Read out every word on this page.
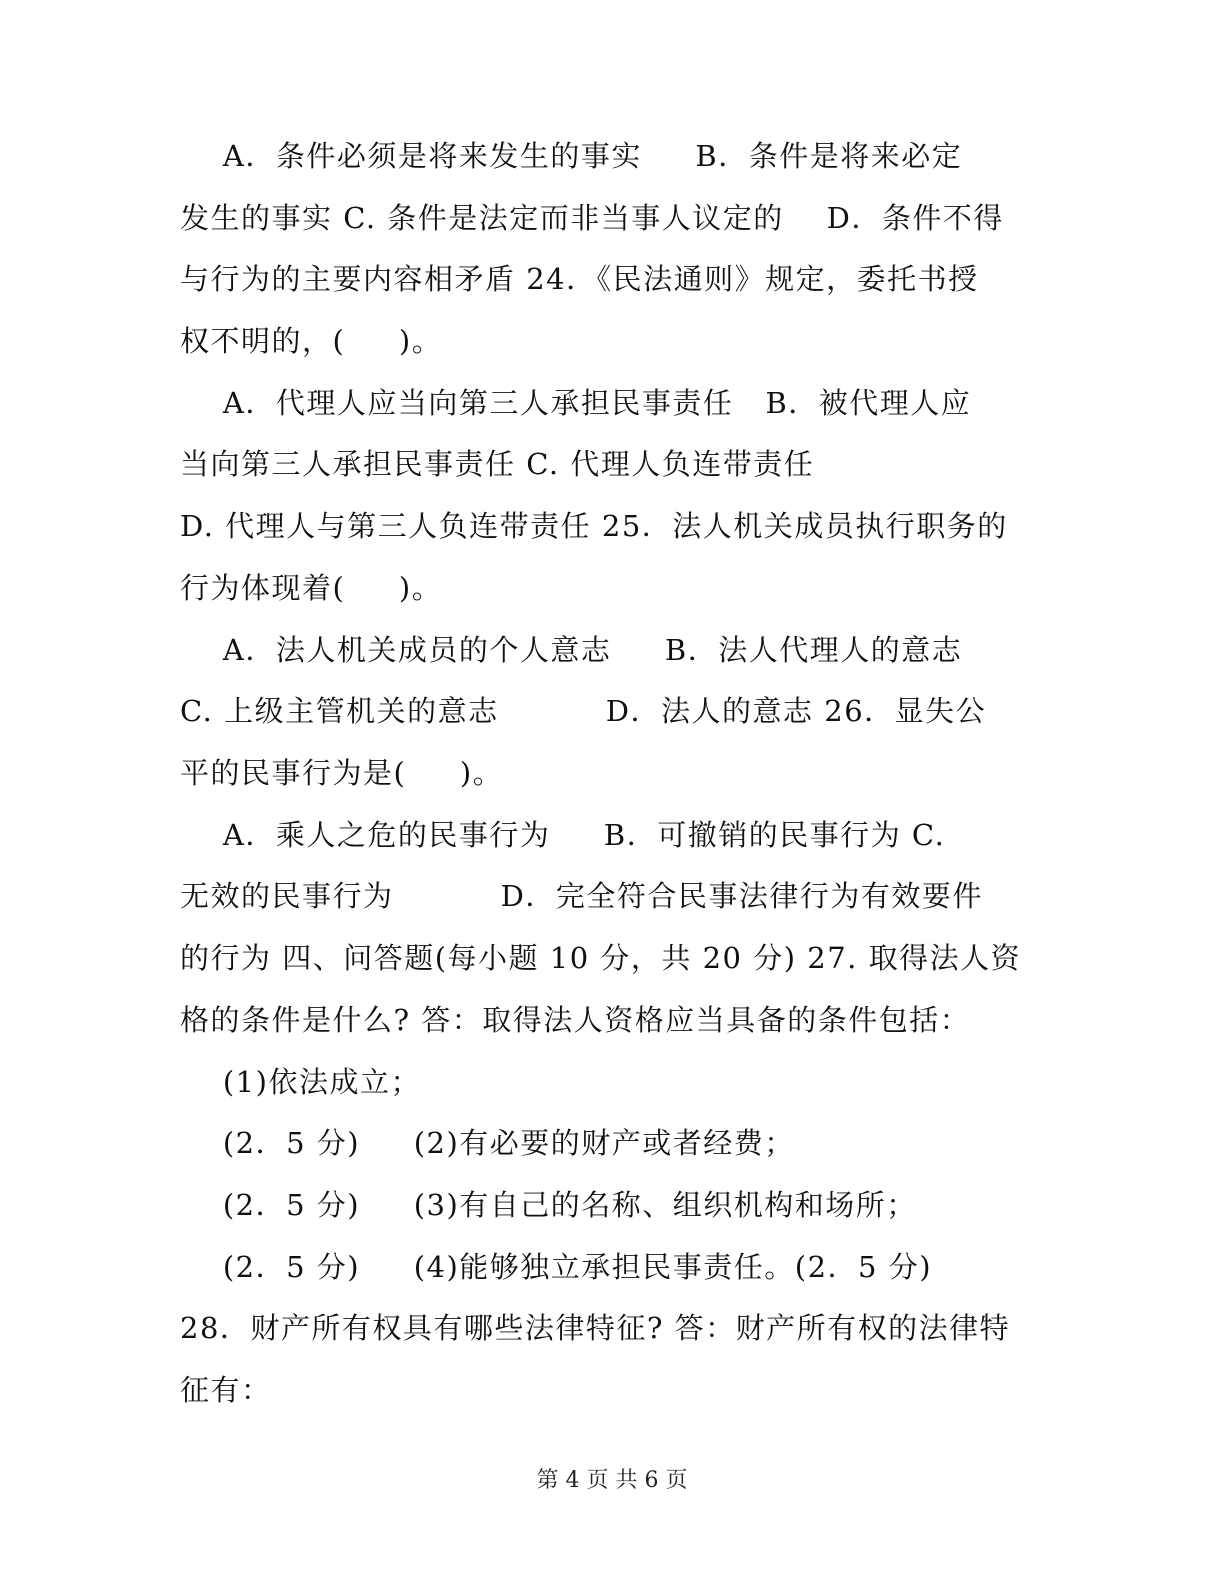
A．条件必须是将来发生的事实     B．条件是将来必定
发生的事实 C. 条件是法定而非当事人议定的    D．条件不得
与行为的主要内容相矛盾 24．《民法通则》规定，委托书授
权不明的，(     )。
A．代理人应当向第三人承担民事责任   B．被代理人应
当向第三人承担民事责任 C. 代理人负连带责任
D. 代理人与第三人负连带责任 25．法人机关成员执行职务的
行为体现着(     )。
A．法人机关成员的个人意志     B．法人代理人的意志
C. 上级主管机关的意志          D．法人的意志 26．显失公
平的民事行为是(     )。
A．乘人之危的民事行为     B．可撤销的民事行为 C.
无效的民事行为          D．完全符合民事法律行为有效要件
的行为 四、问答题(每小题 10 分，共 20 分) 27. 取得法人资
格的条件是什么? 答：取得法人资格应当具备的条件包括：
(1)依法成立；
(2．5 分)     (2)有必要的财产或者经费；
(2．5 分)     (3)有自己的名称、组织机构和场所；
(2．5 分)     (4)能够独立承担民事责任。(2．5 分)
28．财产所有权具有哪些法律特征? 答：财产所有权的法律特
征有：
第 4 页 共 6 页
